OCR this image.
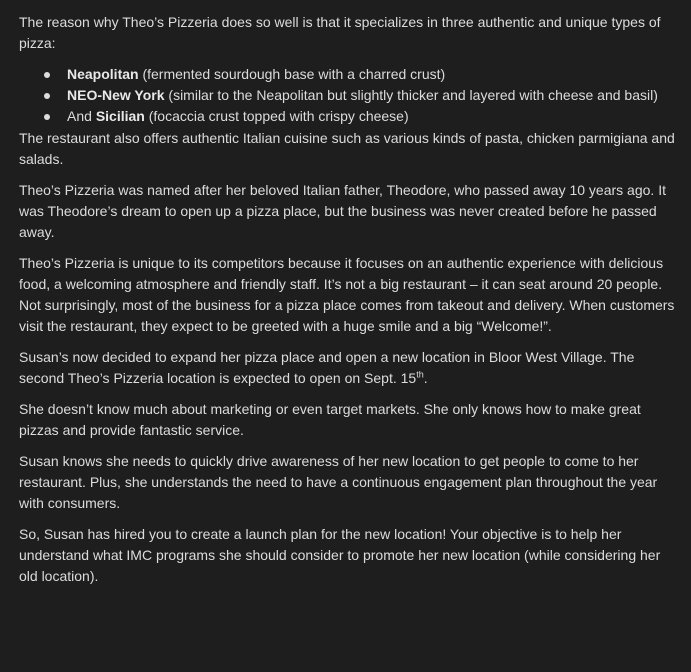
The reason why Theo’s Pizzeria does so well is that it specializes in three authentic and unique types of pizza:

Neapolitan (fermented sourdough base with a charred crust)
NEO-New York (similar to the Neapolitan but slightly thicker and layered with cheese and basil)
And Sicilian (focaccia crust topped with crispy cheese)

The restaurant also offers authentic Italian cuisine such as various kinds of pasta, chicken parmigiana and salads.

Theo’s Pizzeria was named after her beloved Italian father, Theodore, who passed away 10 years ago. It was Theodore’s dream to open up a pizza place, but the business was never created before he passed away.

Theo’s Pizzeria is unique to its competitors because it focuses on an authentic experience with delicious food, a welcoming atmosphere and friendly staff. It’s not a big restaurant – it can seat around 20 people. Not surprisingly, most of the business for a pizza place comes from takeout and delivery. When customers visit the restaurant, they expect to be greeted with a huge smile and a big “Welcome!”.

Susan’s now decided to expand her pizza place and open a new location in Bloor West Village. The second Theo’s Pizzeria location is expected to open on Sept. 15th.

She doesn’t know much about marketing or even target markets. She only knows how to make great pizzas and provide fantastic service.

Susan knows she needs to quickly drive awareness of her new location to get people to come to her restaurant. Plus, she understands the need to have a continuous engagement plan throughout the year with consumers.

So, Susan has hired you to create a launch plan for the new location! Your objective is to help her understand what IMC programs she should consider to promote her new location (while considering her old location).
